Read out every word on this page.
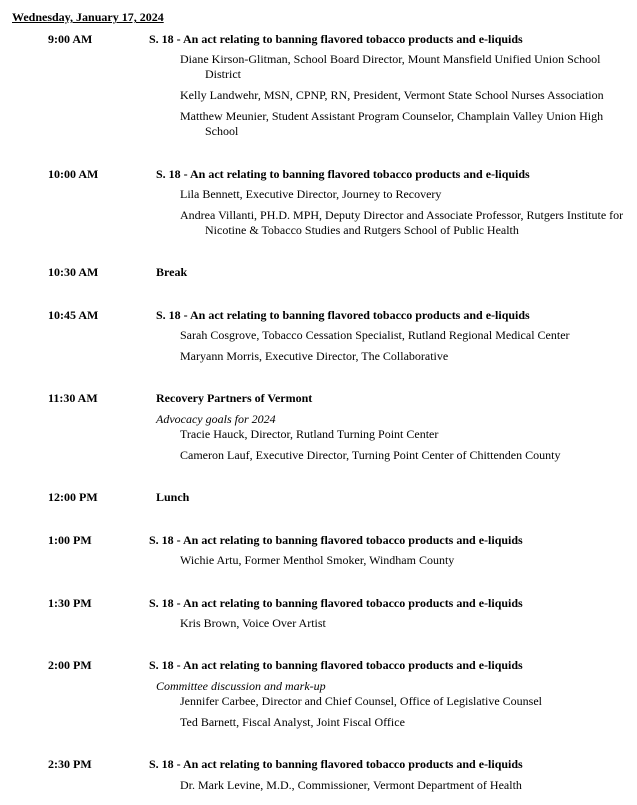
Wednesday, January 17, 2024
9:00 AM	S. 18 - An act relating to banning flavored tobacco products and e-liquids
Diane Kirson-Glitman, School Board Director, Mount Mansfield Unified Union School District
Kelly Landwehr, MSN, CPNP, RN, President, Vermont State School Nurses Association
Matthew Meunier, Student Assistant Program Counselor, Champlain Valley Union High School
10:00 AM	S. 18 - An act relating to banning flavored tobacco products and e-liquids
Lila Bennett, Executive Director, Journey to Recovery
Andrea Villanti, PH.D. MPH, Deputy Director and Associate Professor, Rutgers Institute for Nicotine & Tobacco Studies and Rutgers School of Public Health
10:30 AM	Break
10:45 AM	S. 18 - An act relating to banning flavored tobacco products and e-liquids
Sarah Cosgrove, Tobacco Cessation Specialist, Rutland Regional Medical Center
Maryann Morris, Executive Director, The Collaborative
11:30 AM	Recovery Partners of Vermont
Advocacy goals for 2024
Tracie Hauck, Director, Rutland Turning Point Center
Cameron Lauf, Executive Director, Turning Point Center of Chittenden County
12:00 PM	Lunch
1:00 PM	S. 18 - An act relating to banning flavored tobacco products and e-liquids
Wichie Artu, Former Menthol Smoker, Windham County
1:30 PM	S. 18 - An act relating to banning flavored tobacco products and e-liquids
Kris Brown, Voice Over Artist
2:00 PM	S. 18 - An act relating to banning flavored tobacco products and e-liquids
Committee discussion and mark-up
Jennifer Carbee, Director and Chief Counsel, Office of Legislative Counsel
Ted Barnett, Fiscal Analyst, Joint Fiscal Office
2:30 PM	S. 18 - An act relating to banning flavored tobacco products and e-liquids
Dr. Mark Levine, M.D., Commissioner, Vermont Department of Health
